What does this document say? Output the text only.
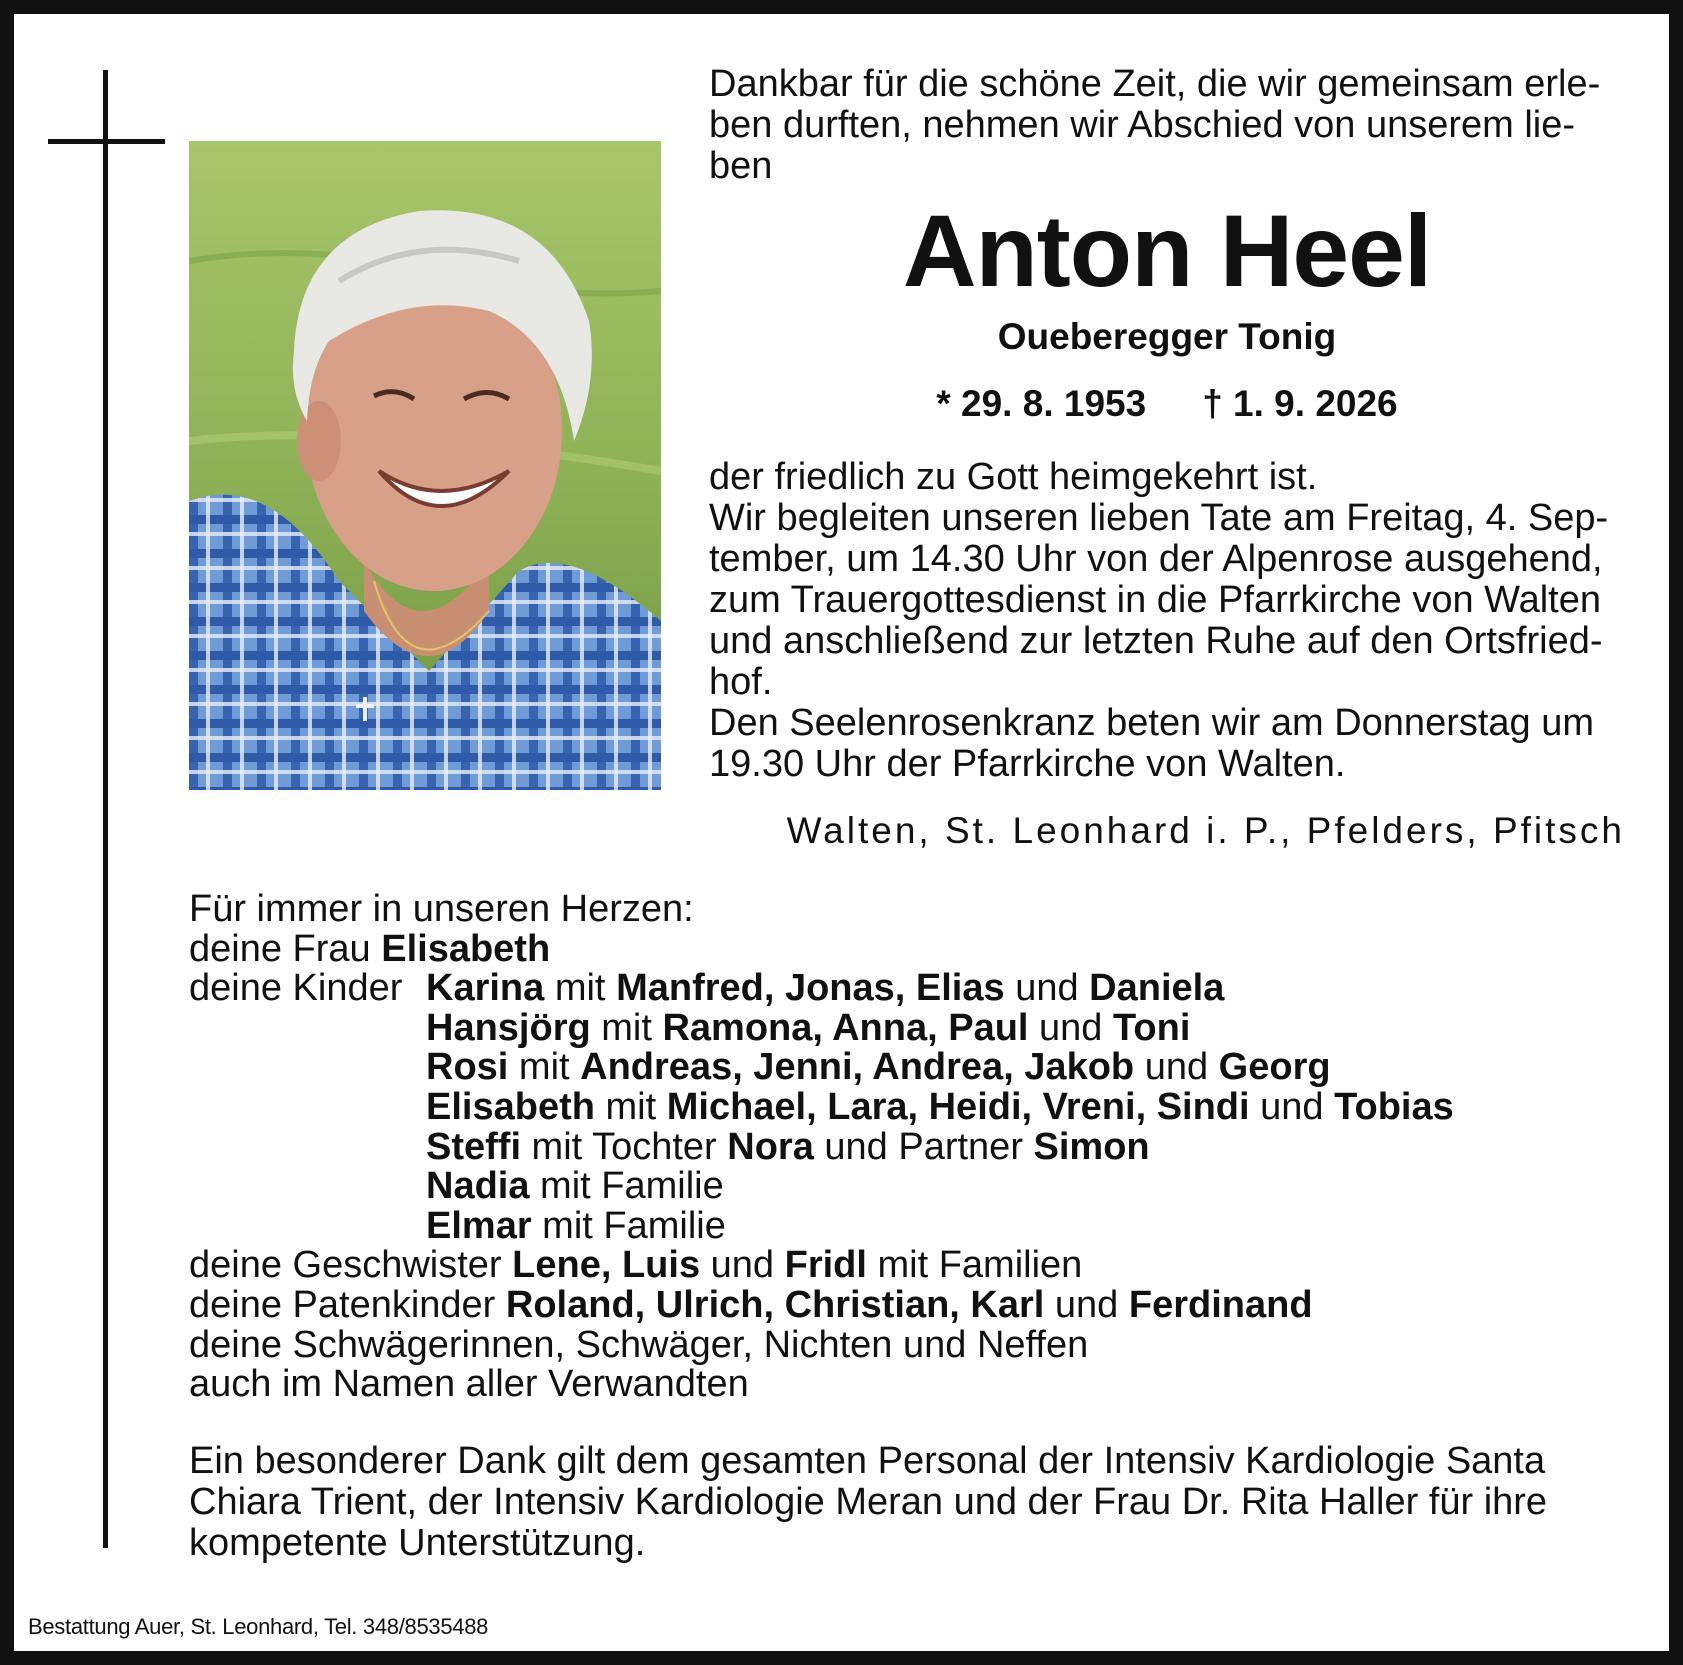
Dankbar für die schöne Zeit, die wir gemeinsam erle-
ben durften, nehmen wir Abschied von unserem lie-
ben
Anton Heel
Oueberegger Tonig
* 29. 8. 1953 † 1. 9. 2026
der friedlich zu Gott heimgekehrt ist.
Wir begleiten unseren lieben Tate am Freitag, 4. Sep-
tember, um 14.30 Uhr von der Alpenrose ausgehend,
zum Trauergottesdienst in die Pfarrkirche von Walten
und anschließend zur letzten Ruhe auf den Ortsfried-
hof.
Den Seelenrosenkranz beten wir am Donnerstag um
19.30 Uhr der Pfarrkirche von Walten.
Walten, St. Leonhard i. P., Pfelders, Pfitsch
Für immer in unseren Herzen:
deine Frau Elisabeth
deine Kinder Karina mit Manfred, Jonas, Elias und Daniela
Hansjörg mit Ramona, Anna, Paul und Toni
Rosi mit Andreas, Jenni, Andrea, Jakob und Georg
Elisabeth mit Michael, Lara, Heidi, Vreni, Sindi und Tobias
Steffi mit Tochter Nora und Partner Simon
Nadia mit Familie
Elmar mit Familie
deine Geschwister Lene, Luis und Fridl mit Familien
deine Patenkinder Roland, Ulrich, Christian, Karl und Ferdinand
deine Schwägerinnen, Schwäger, Nichten und Neffen
auch im Namen aller Verwandten
Ein besonderer Dank gilt dem gesamten Personal der Intensiv Kardiologie Santa
Chiara Trient, der Intensiv Kardiologie Meran und der Frau Dr. Rita Haller für ihre
kompetente Unterstützung.
Bestattung Auer, St. Leonhard, Tel. 348/8535488
